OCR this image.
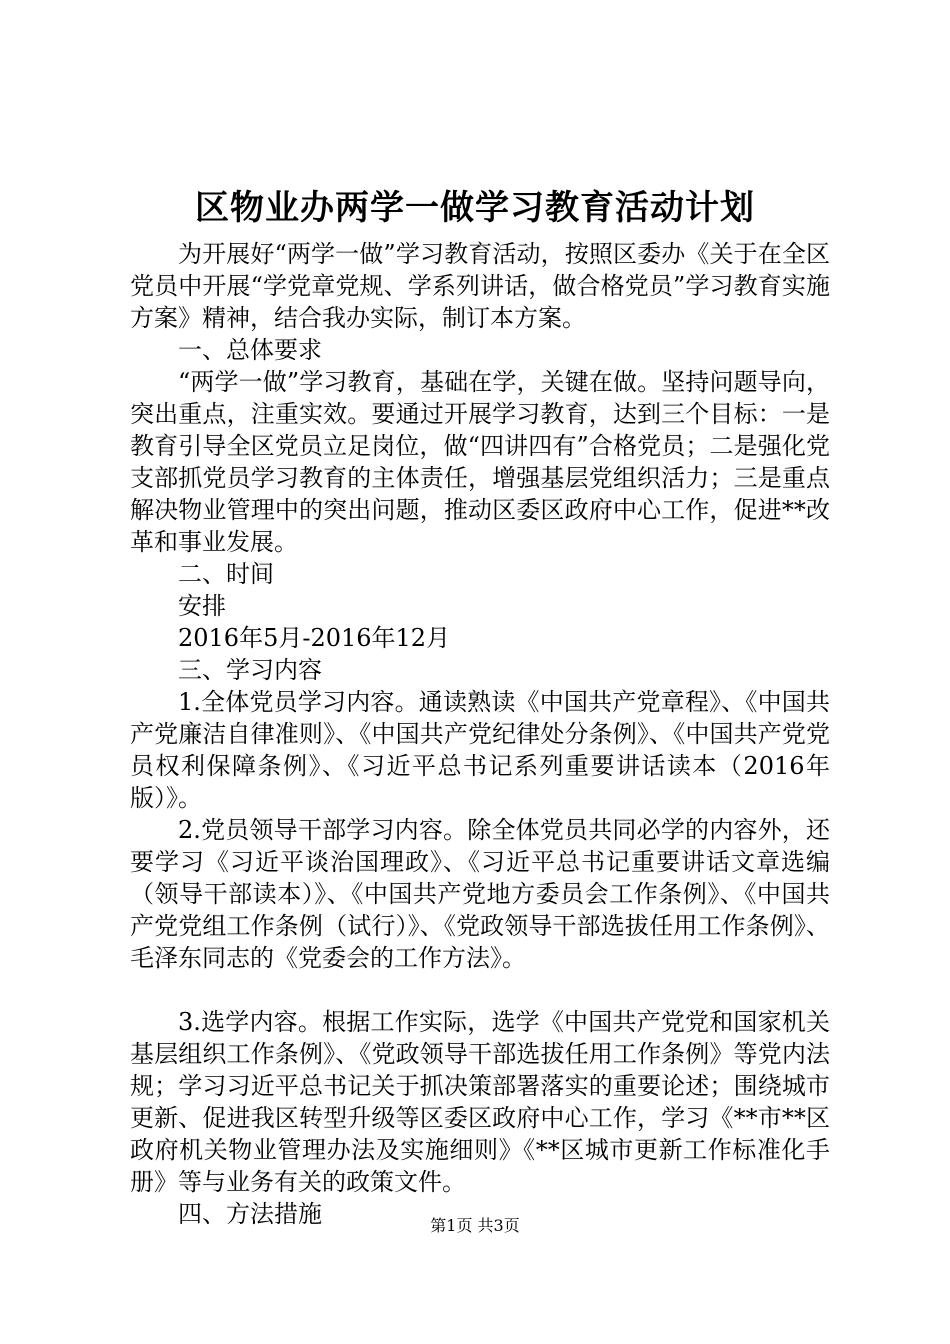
区物业办两学一做学习教育活动计划

为开展好“两学一做”学习教育活动，按照区委办《关于在全区党员中开展“学党章党规、学系列讲话，做合格党员”学习教育实施方案》精神，结合我办实际，制订本方案。

一、总体要求

“两学一做”学习教育，基础在学，关键在做。坚持问题导向，突出重点，注重实效。要通过开展学习教育，达到三个目标：一是教育引导全区党员立足岗位，做“四讲四有”合格党员；二是强化党支部抓党员学习教育的主体责任，增强基层党组织活力；三是重点解决物业管理中的突出问题，推动区委区政府中心工作，促进**改革和事业发展。

二、时间

安排

2016年5月-2016年12月

三、学习内容

1.全体党员学习内容。通读熟读《中国共产党章程》、《中国共产党廉洁自律准则》、《中国共产党纪律处分条例》、《中国共产党党员权利保障条例》、《习近平总书记系列重要讲话读本（2016年版）》。

2.党员领导干部学习内容。除全体党员共同必学的内容外，还要学习《习近平谈治国理政》、《习近平总书记重要讲话文章选编（领导干部读本）》、《中国共产党地方委员会工作条例》、《中国共产党党组工作条例（试行）》、《党政领导干部选拔任用工作条例》、毛泽东同志的《党委会的工作方法》。

3.选学内容。根据工作实际，选学《中国共产党党和国家机关基层组织工作条例》、《党政领导干部选拔任用工作条例》等党内法规；学习习近平总书记关于抓决策部署落实的重要论述；围绕城市更新、促进我区转型升级等区委区政府中心工作，学习《**市**区政府机关物业管理办法及实施细则》《**区城市更新工作标准化手册》等与业务有关的政策文件。

四、方法措施	第1页 共3页
